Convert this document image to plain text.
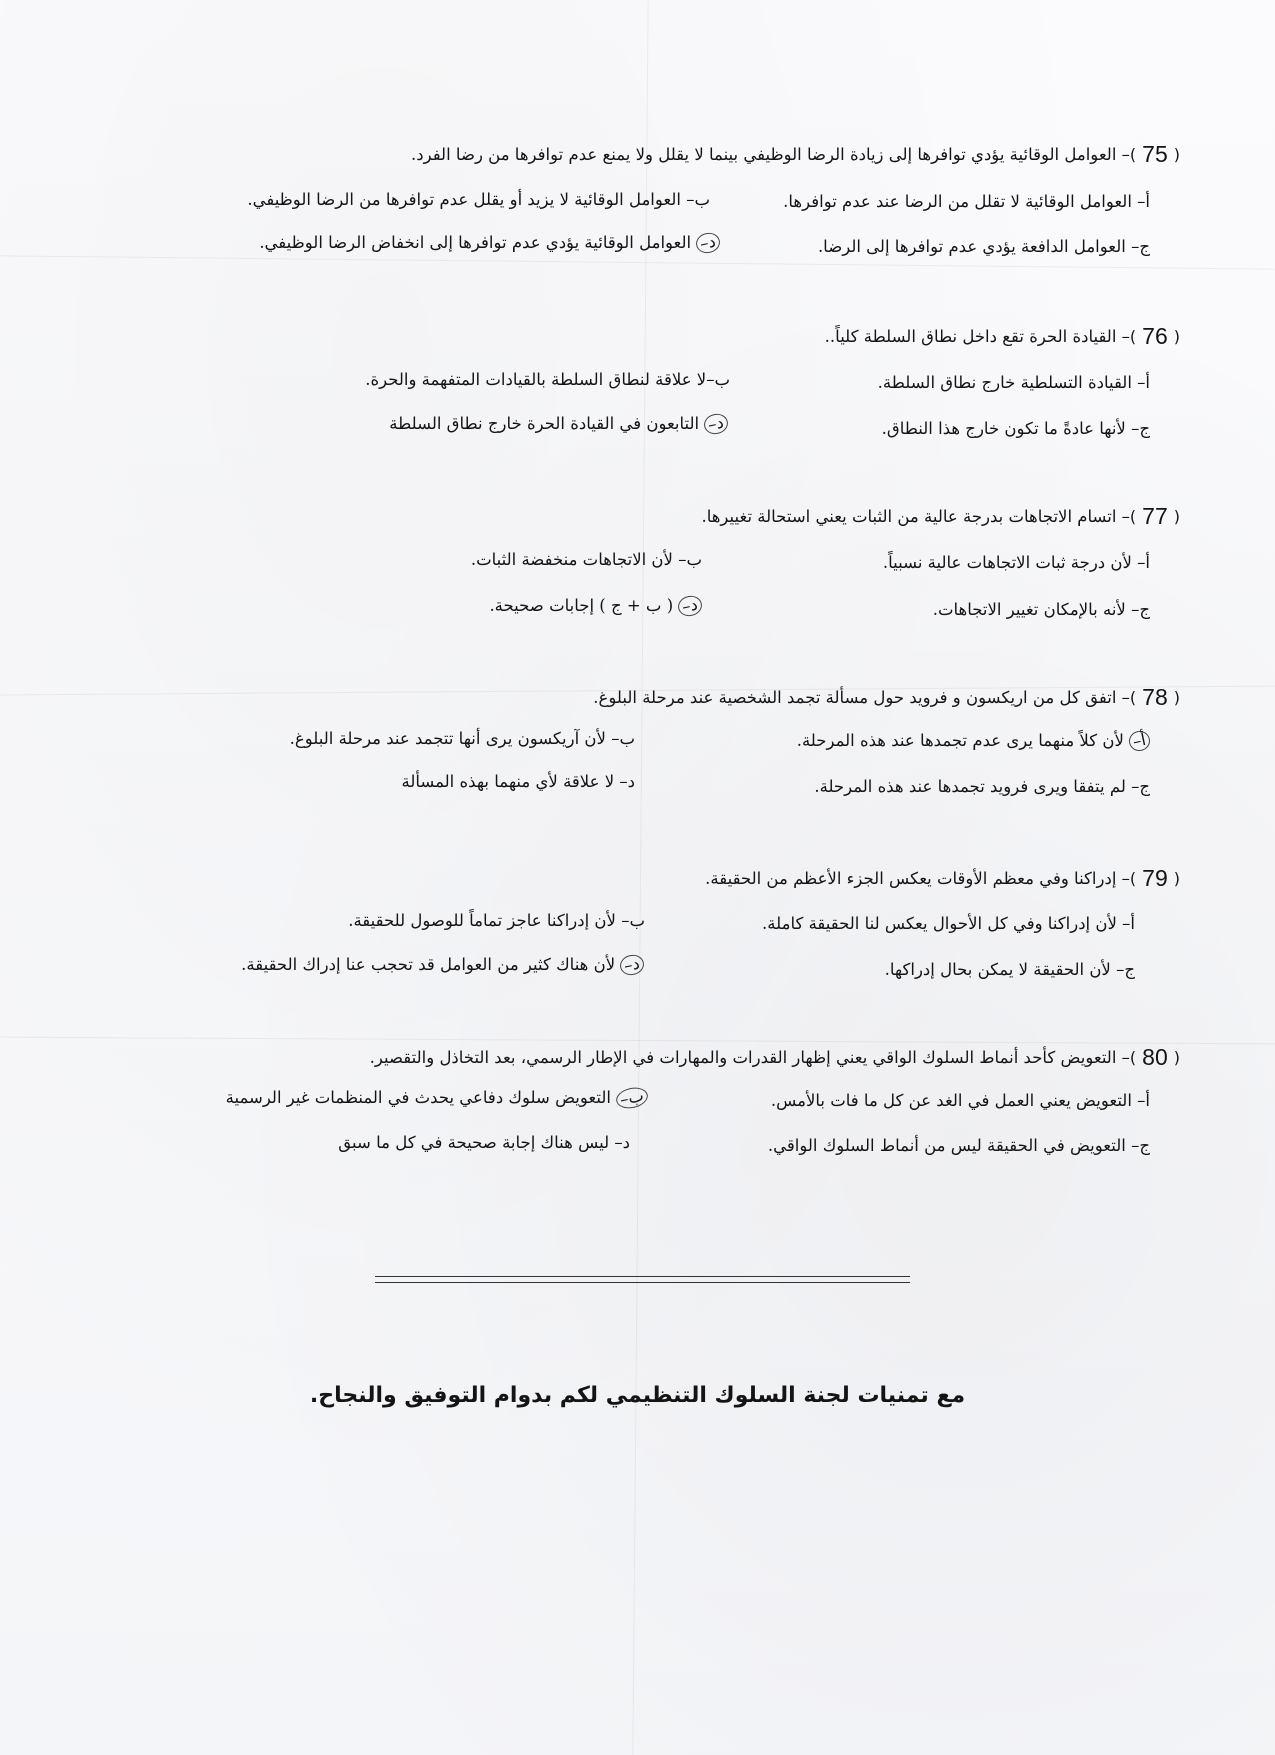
(75)– العوامل الوقائية يؤدي توافرها إلى زيادة الرضا الوظيفي بينما لا يقلل ولا يمنع عدم توافرها من رضا الفرد.
أ– العوامل الوقائية لا تقلل من الرضا عند عدم توافرها.
ب– العوامل الوقائية لا يزيد أو يقلل عدم توافرها من الرضا الوظيفي.
ج– العوامل الدافعة يؤدي عدم توافرها إلى الرضا.
د– العوامل الوقائية يؤدي عدم توافرها إلى انخفاض الرضا الوظيفي.
(76)– القيادة الحرة تقع داخل نطاق السلطة كلياً..
أ– القيادة التسلطية خارج نطاق السلطة.
ب–لا علاقة لنطاق السلطة بالقيادات المتفهمة والحرة.
ج– لأنها عادةً ما تكون خارج هذا النطاق.
د– التابعون في القيادة الحرة خارج نطاق السلطة
(77)– اتسام الاتجاهات بدرجة عالية من الثبات يعني استحالة تغييرها.
أ– لأن درجة ثبات الاتجاهات عالية نسبياً.
ب– لأن الاتجاهات منخفضة الثبات.
ج– لأنه بالإمكان تغيير الاتجاهات.
د– ( ب + ج ) إجابات صحيحة.
(78)– اتفق كل من اريكسون و فرويد حول مسألة تجمد الشخصية عند مرحلة البلوغ.
أ– لأن كلاً منهما يرى عدم تجمدها عند هذه المرحلة.
ب– لأن آريكسون يرى أنها تتجمد عند مرحلة البلوغ.
ج– لم يتفقا ويرى فرويد تجمدها عند هذه المرحلة.
د– لا علاقة لأي منهما بهذه المسألة
(79)– إدراكنا وفي معظم الأوقات يعكس الجزء الأعظم من الحقيقة.
أ– لأن إدراكنا وفي كل الأحوال يعكس لنا الحقيقة كاملة.
ب– لأن إدراكنا عاجز تماماً للوصول للحقيقة.
ج– لأن الحقيقة لا يمكن بحال إدراكها.
د– لأن هناك كثير من العوامل قد تحجب عنا إدراك الحقيقة.
(80)– التعويض كأحد أنماط السلوك الواقي يعني إظهار القدرات والمهارات في الإطار الرسمي، بعد التخاذل والتقصير.
أ– التعويض يعني العمل في الغد عن كل ما فات بالأمس.
ب– التعويض سلوك دفاعي يحدث في المنظمات غير الرسمية
ج– التعويض في الحقيقة ليس من أنماط السلوك الواقي.
د– ليس هناك إجابة صحيحة في كل ما سبق
مع تمنيات لجنة السلوك التنظيمي لكم بدوام التوفيق والنجاح.
